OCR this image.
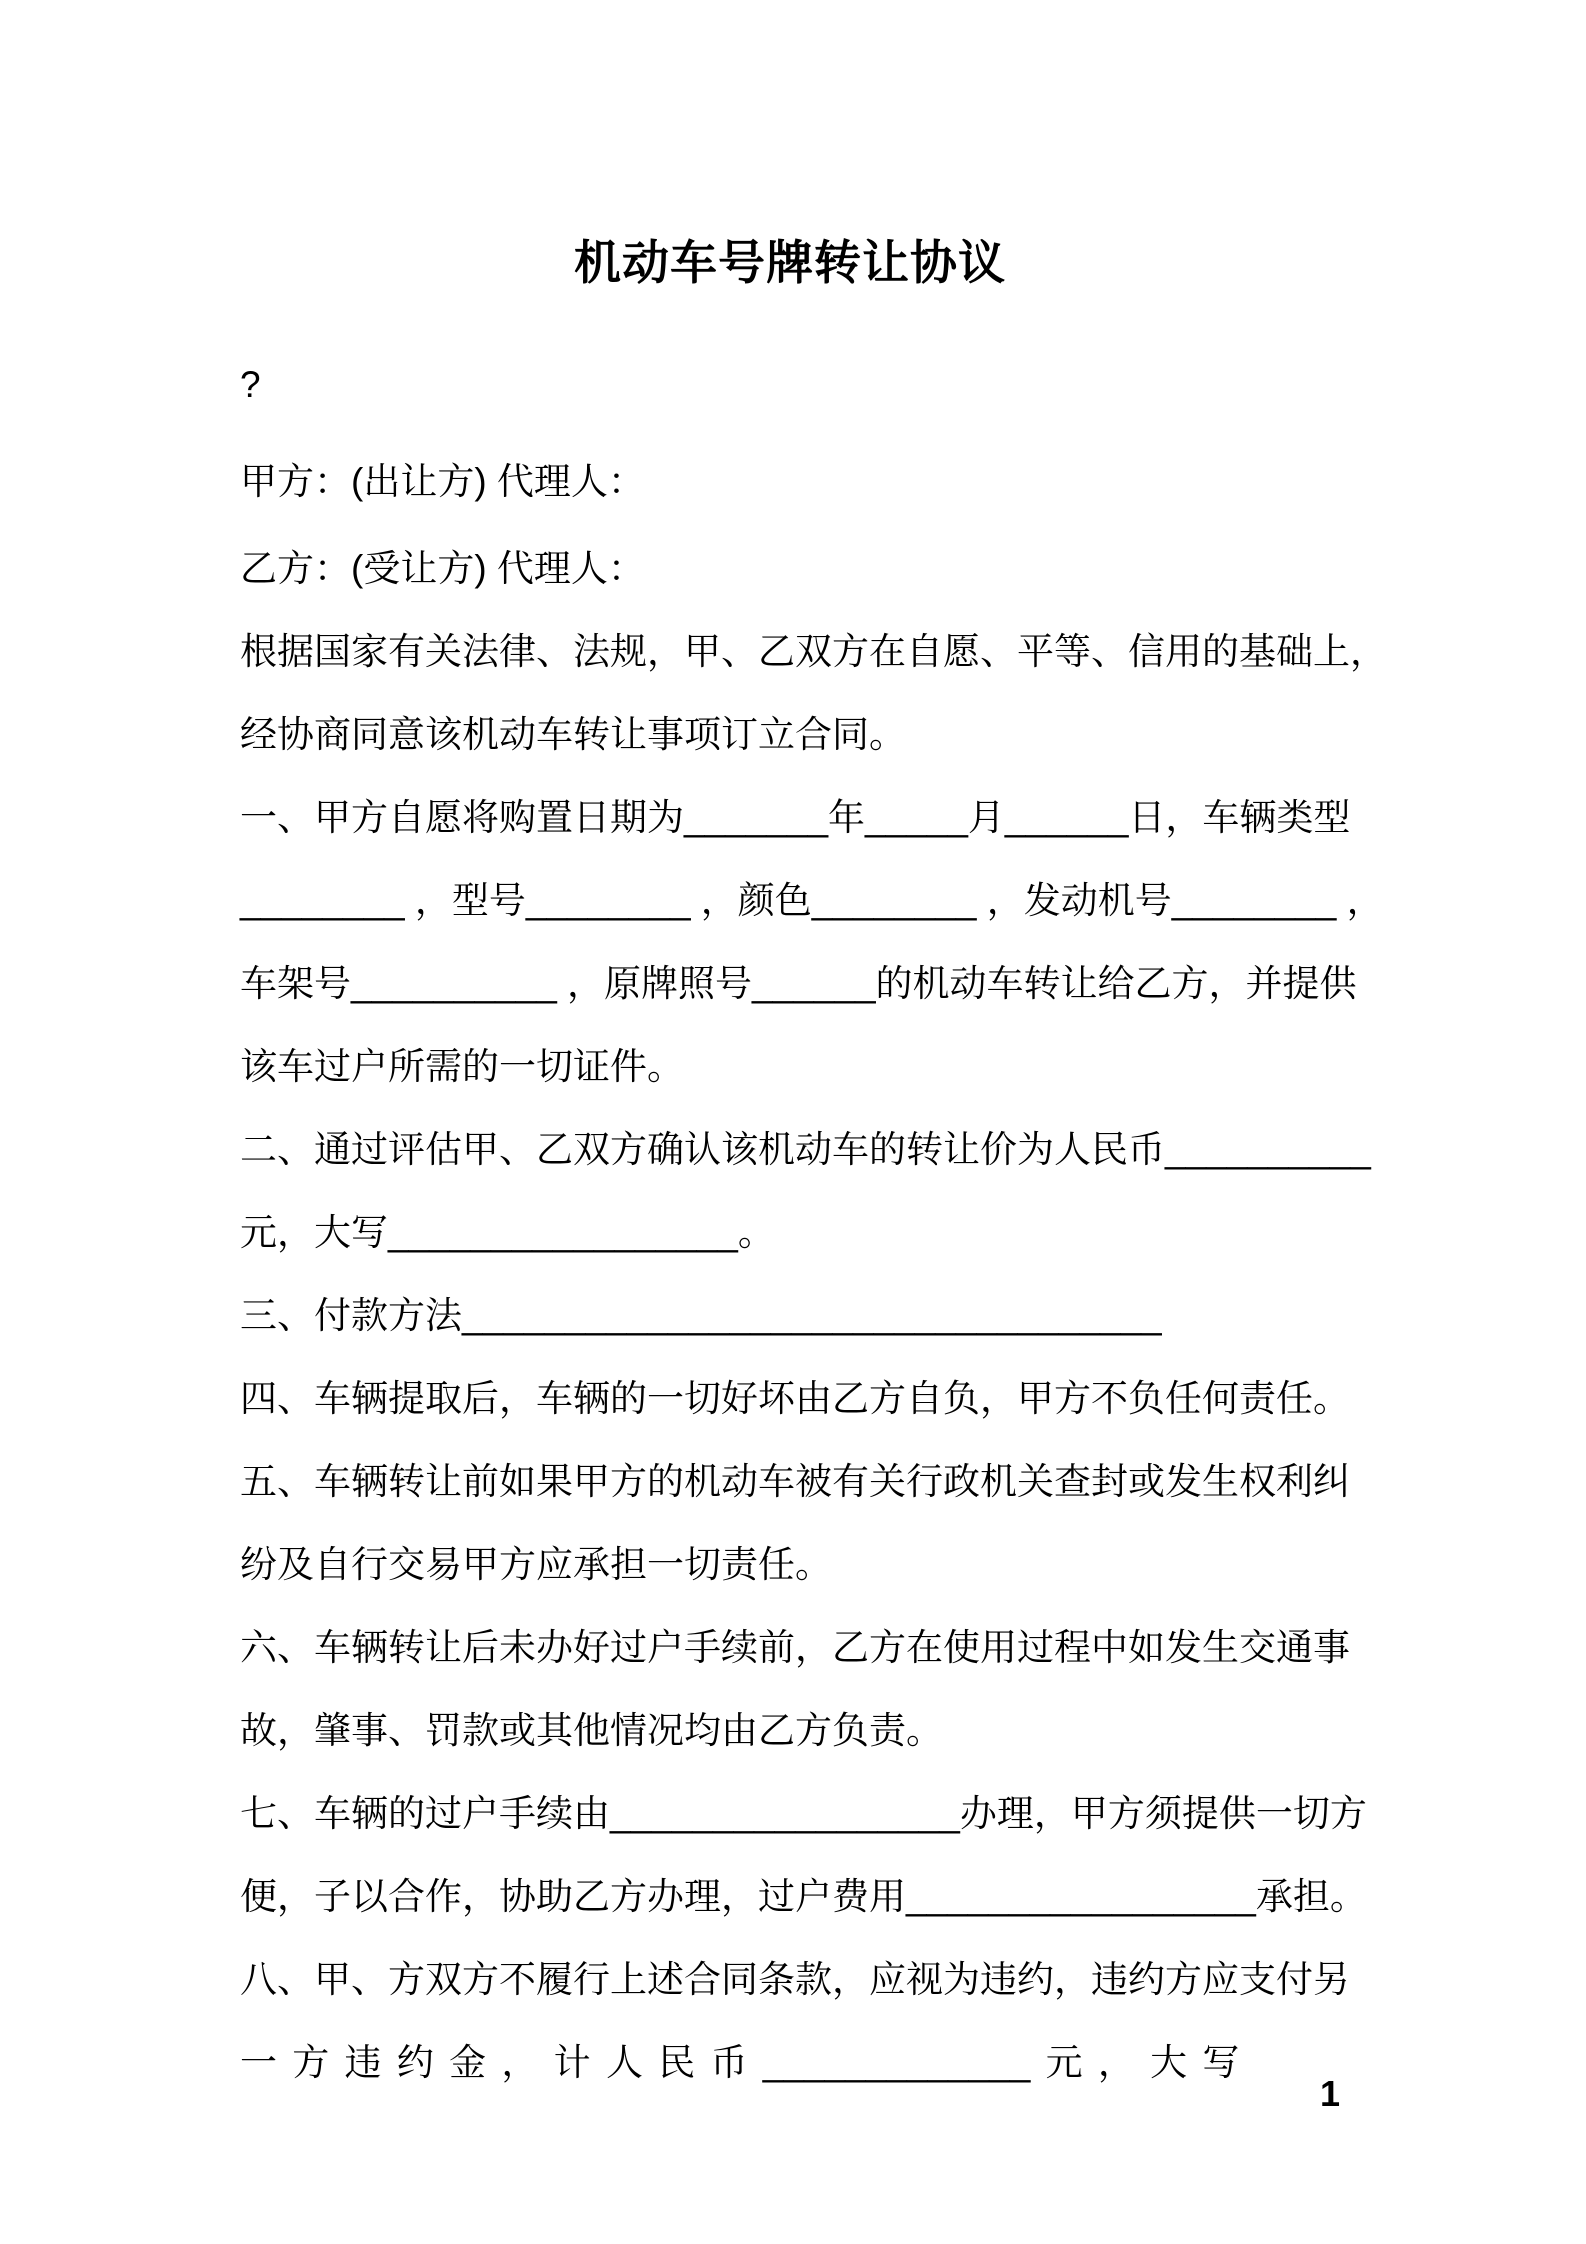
机动车号牌转让协议
?
甲方：(出让方) 代理人：
乙方：(受让方) 代理人：
根据国家有关法律、法规，甲、乙双方在自愿、平等、信用的基础上，
经协商同意该机动车转让事项订立合同。
一、甲方自愿将购置日期为_______年_____月______日，车辆类型
________ ，型号________ ，颜色________ ，发动机号________ ，
车架号__________ ，原牌照号______的机动车转让给乙方，并提供
该车过户所需的一切证件。
二、通过评估甲、乙双方确认该机动车的转让价为人民币__________
元，大写_________________。
三、付款方法__________________________________
四、车辆提取后，车辆的一切好坏由乙方自负，甲方不负任何责任。
五、车辆转让前如果甲方的机动车被有关行政机关查封或发生权利纠
纷及自行交易甲方应承担一切责任。
六、车辆转让后未办好过户手续前，乙方在使用过程中如发生交通事
故，肇事、罚款或其他情况均由乙方负责。
七、车辆的过户手续由_________________办理，甲方须提供一切方
便，子以合作，协助乙方办理，过户费用_________________承担。
八、甲、方双方不履行上述合同条款，应视为违约，违约方应支付另
一 方 违 约 金 ， 计 人 民 币 _____________ 元 ， 大 写
1
